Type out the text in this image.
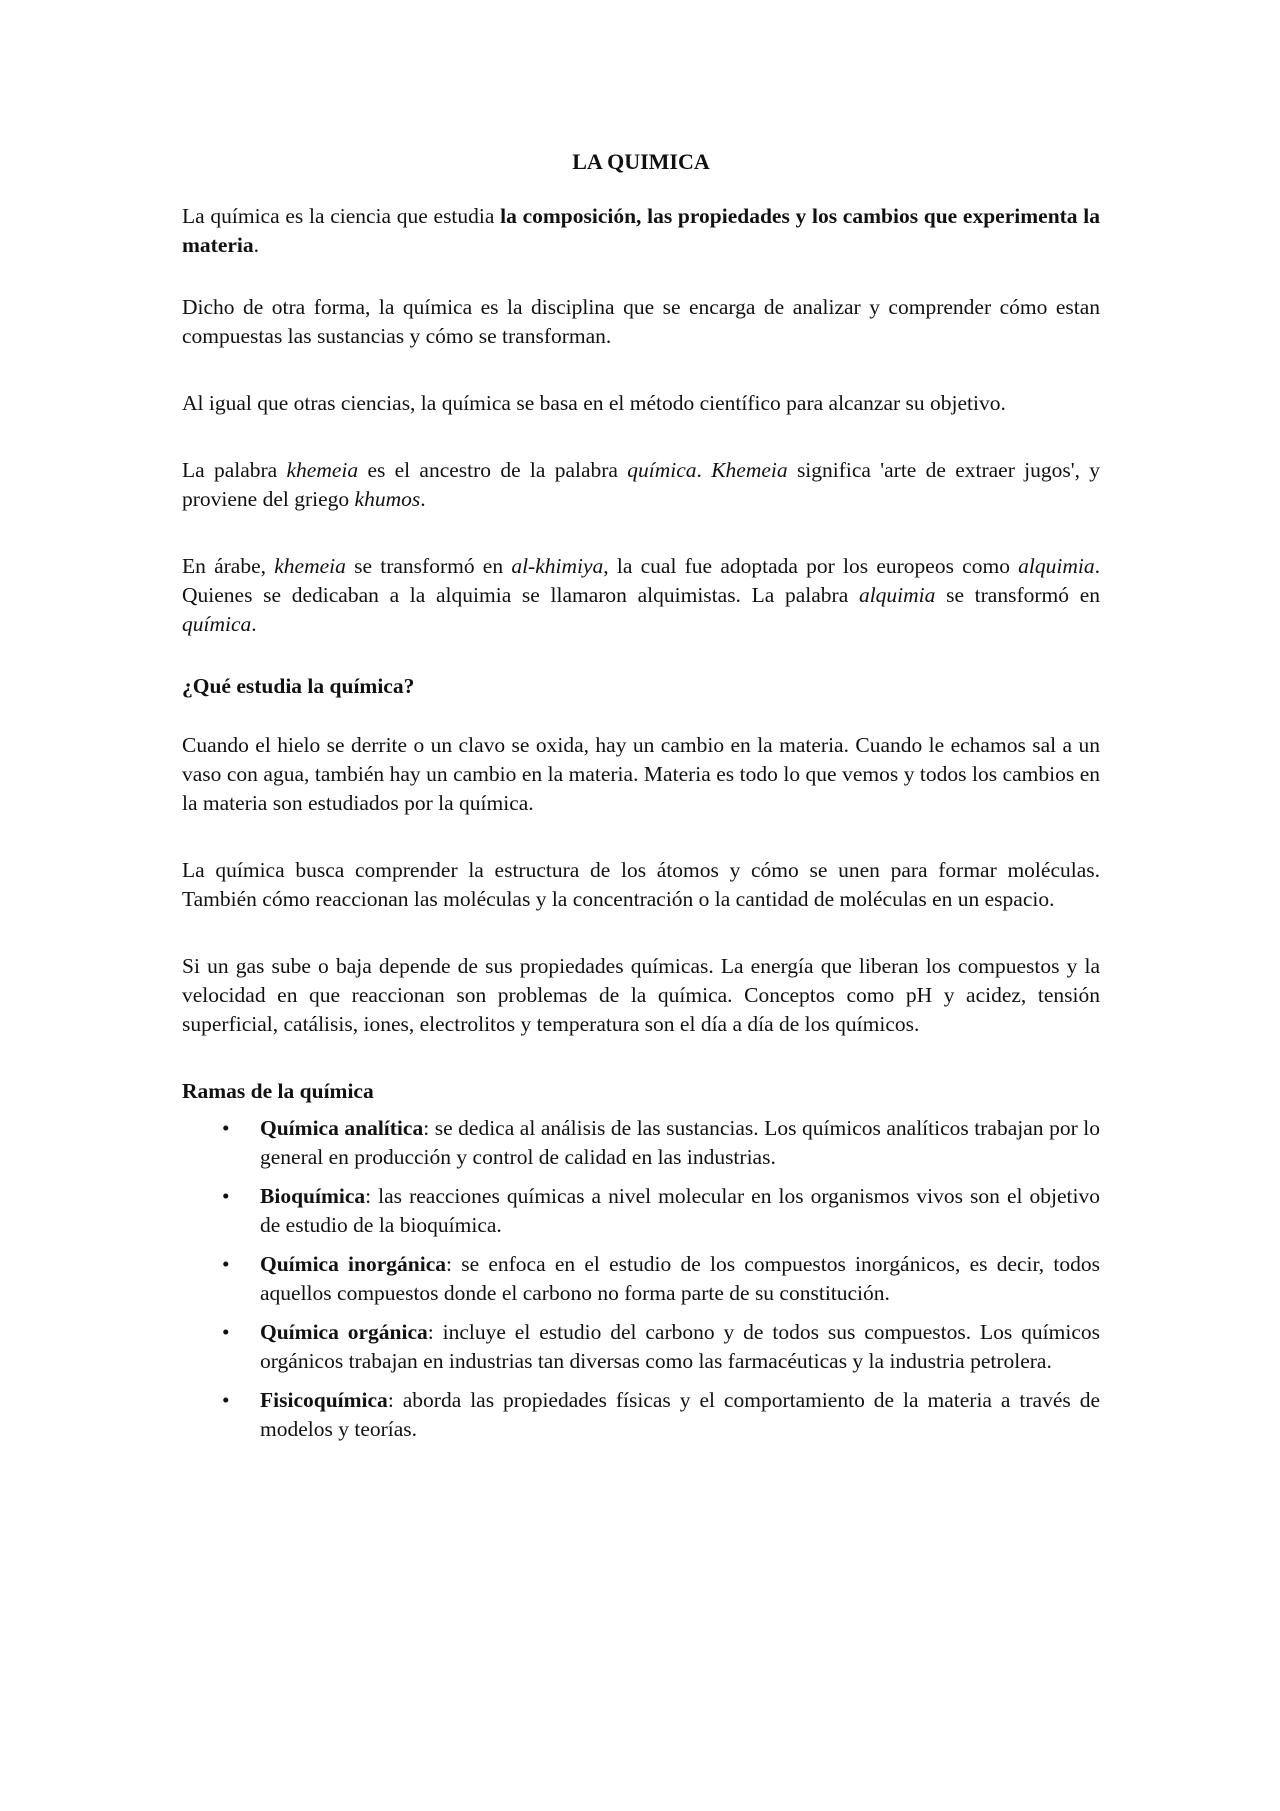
LA QUIMICA

La química es la ciencia que estudia la composición, las propiedades y los cambios que experimenta la materia.

Dicho de otra forma, la química es la disciplina que se encarga de analizar y comprender cómo estan compuestas las sustancias y cómo se transforman.

Al igual que otras ciencias, la química se basa en el método científico para alcanzar su objetivo.

La palabra khemeia es el ancestro de la palabra química. Khemeia significa 'arte de extraer jugos', y proviene del griego khumos.

En árabe, khemeia se transformó en al-khimiya, la cual fue adoptada por los europeos como alquimia. Quienes se dedicaban a la alquimia se llamaron alquimistas. La palabra alquimia se transformó en química.

¿Qué estudia la química?

Cuando el hielo se derrite o un clavo se oxida, hay un cambio en la materia. Cuando le echamos sal a un vaso con agua, también hay un cambio en la materia. Materia es todo lo que vemos y todos los cambios en la materia son estudiados por la química.

La química busca comprender la estructura de los átomos y cómo se unen para formar moléculas. También cómo reaccionan las moléculas y la concentración o la cantidad de moléculas en un espacio.

Si un gas sube o baja depende de sus propiedades químicas. La energía que liberan los compuestos y la velocidad en que reaccionan son problemas de la química. Conceptos como pH y acidez, tensión superficial, catálisis, iones, electrolitos y temperatura son el día a día de los químicos.

Ramas de la química
• Química analítica: se dedica al análisis de las sustancias. Los químicos analíticos trabajan por lo general en producción y control de calidad en las industrias.
• Bioquímica: las reacciones químicas a nivel molecular en los organismos vivos son el objetivo de estudio de la bioquímica.
• Química inorgánica: se enfoca en el estudio de los compuestos inorgánicos, es decir, todos aquellos compuestos donde el carbono no forma parte de su constitución.
• Química orgánica: incluye el estudio del carbono y de todos sus compuestos. Los químicos orgánicos trabajan en industrias tan diversas como las farmacéuticas y la industria petrolera.
• Fisicoquímica: aborda las propiedades físicas y el comportamiento de la materia a través de modelos y teorías.
